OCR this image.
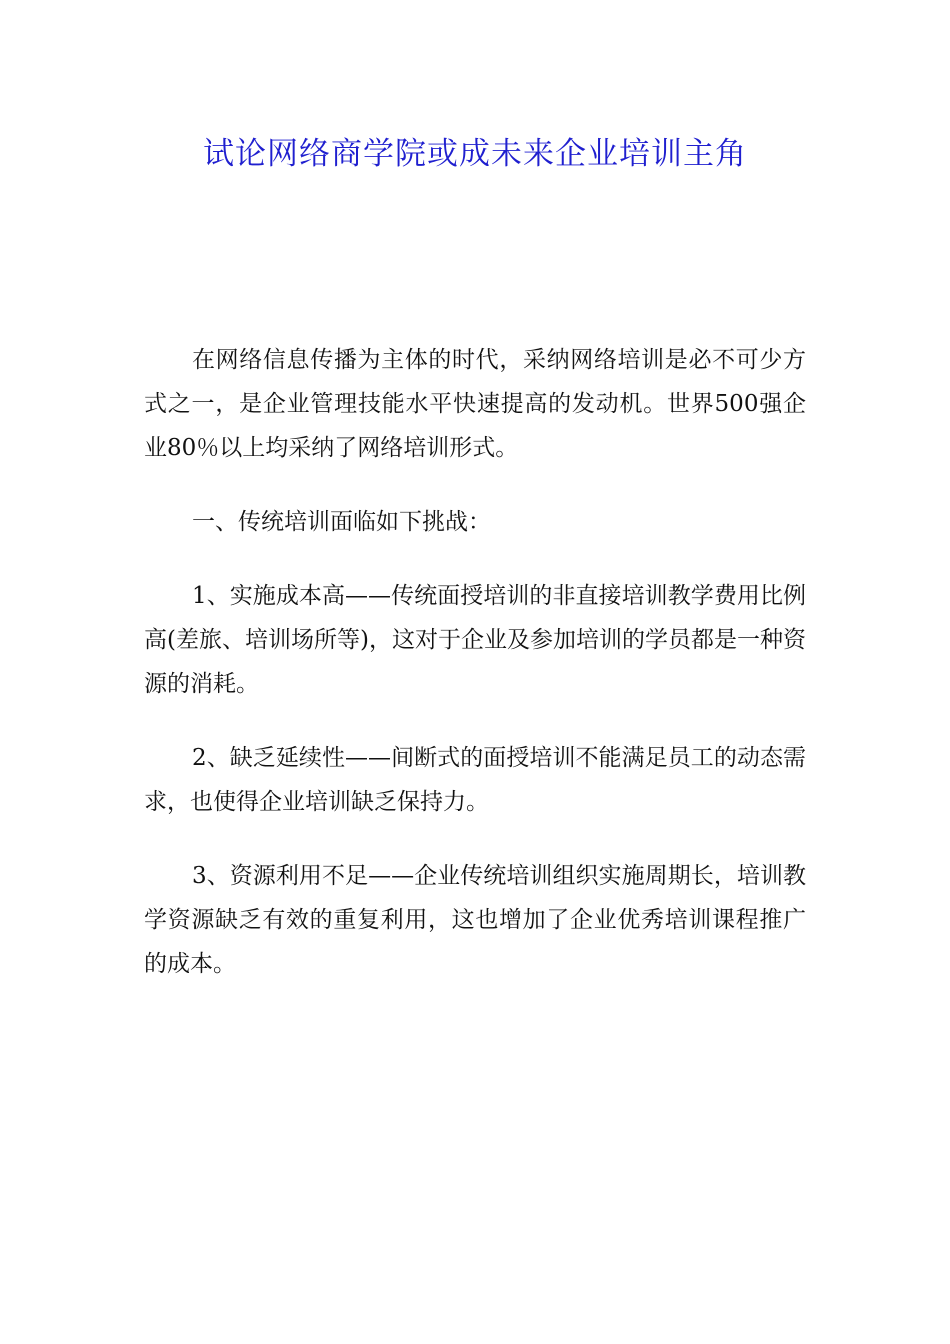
试论网络商学院或成未来企业培训主角

在网络信息传播为主体的时代，采纳网络培训是必不可少方式之一，是企业管理技能水平快速提高的发动机。世界500强企业80％以上均采纳了网络培训形式。

一、传统培训面临如下挑战：

1、实施成本高——传统面授培训的非直接培训教学费用比例高(差旅、培训场所等)，这对于企业及参加培训的学员都是一种资源的消耗。

2、缺乏延续性——间断式的面授培训不能满足员工的动态需求，也使得企业培训缺乏保持力。

3、资源利用不足——企业传统培训组织实施周期长，培训教学资源缺乏有效的重复利用，这也增加了企业优秀培训课程推广的成本。
